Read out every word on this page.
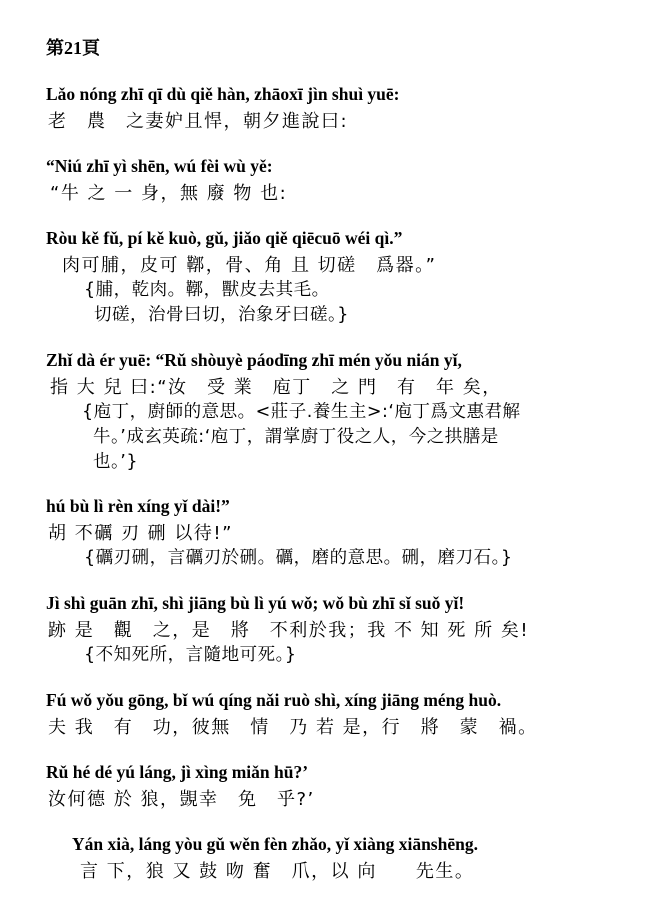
第21頁
Lǎo nóng zhī qī dù qiě hàn, zhāoxī jìn shuì yuē:
老　農　之妻妒且悍，朝夕進說曰:
“Niú zhī yì shēn, wú fèi wù yě:
“牛 之 一 身，無 廢 物 也:
Ròu kě fǔ, pí kě kuò, gǔ, jiǎo qiě qiēcuō wéi qì.”
肉可脯，皮可 鞹，骨、角 且 切磋　爲器。”
{脯，乾肉。鞹，獸皮去其毛。
切磋，治骨曰切，治象牙曰磋。}
Zhǐ dà ér yuē: “Rǔ shòuyè páodīng zhī mén yǒu nián yǐ,
指 大 兒 曰:“汝　受 業　庖丁　之 門　有　年 矣，
{庖丁，廚師的意思。<莊子.養生主>:‘庖丁爲文惠君解
牛。’成玄英疏:‘庖丁，謂掌廚丁役之人，今之拱膳是
也。’}
hú bù lì rèn xíng yǐ dài!”
胡 不礪 刃 硎 以待!”
{礪刃硎，言礪刃於硎。礪，磨的意思。硎，磨刀石。}
Jì shì guān zhī, shì jiāng bù lì yú wǒ; wǒ bù zhī sǐ suǒ yǐ!
跡 是　觀　之，是　將　不利於我；我 不 知 死 所 矣!
{不知死所，言隨地可死。}
Fú wǒ yǒu gōng, bǐ wú qíng nǎi ruò shì, xíng jiāng méng huò.
夫 我　有　功，彼無　情　乃 若 是，行　將　蒙　禍。
Rǔ hé dé yú láng, jì xìng miǎn hū?’
汝何德 於 狼，覬幸　免　乎?’
Yán xià, láng yòu gǔ wěn fèn zhǎo, yǐ xiàng xiānshēng.
言 下，狼 又 鼓 吻 奮　爪，以 向　　先生。
